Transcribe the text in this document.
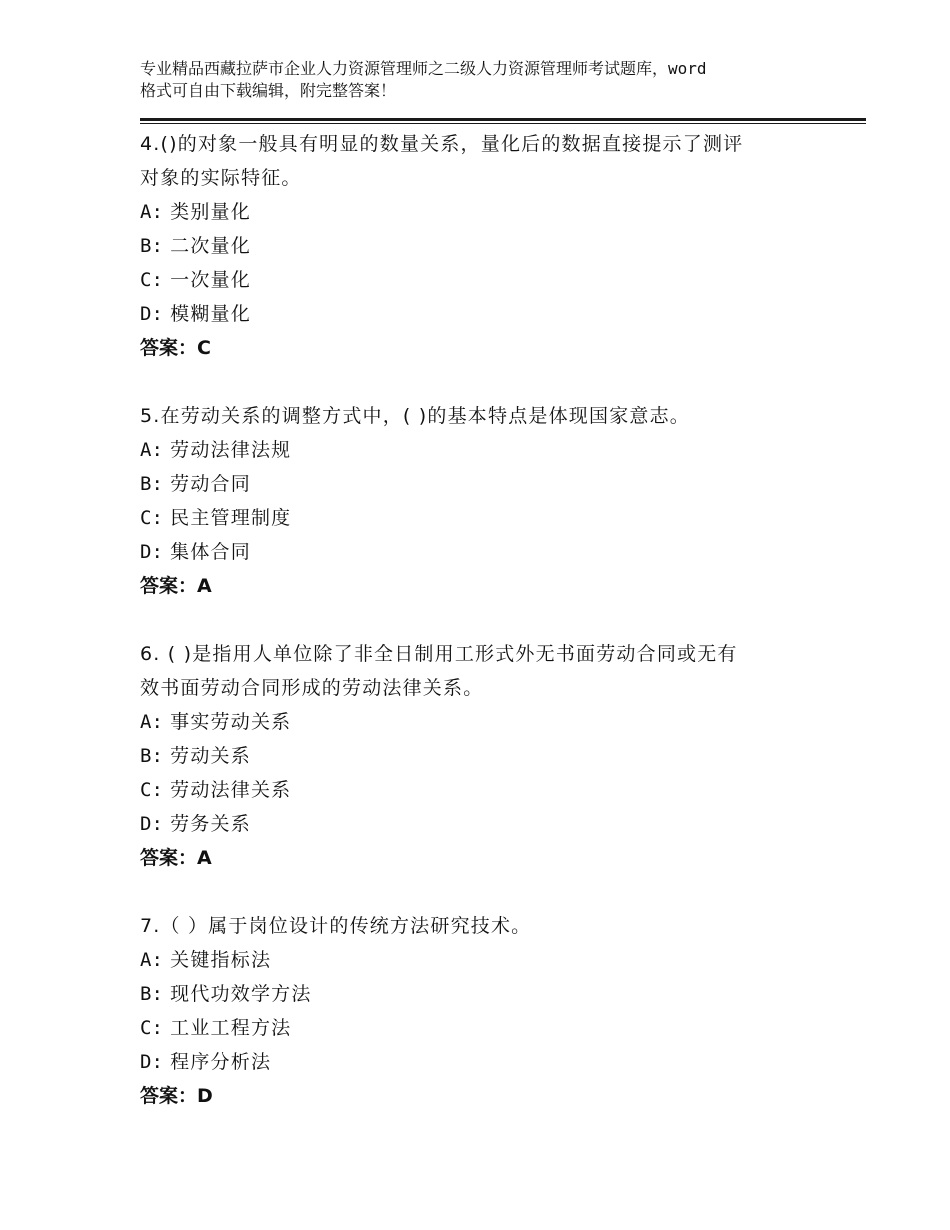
专业精品西藏拉萨市企业人力资源管理师之二级人力资源管理师考试题库，word
格式可自由下载编辑，附完整答案！
4.()的对象一般具有明显的数量关系，量化后的数据直接提示了测评
对象的实际特征。
A: 类别量化
B: 二次量化
C: 一次量化
D: 模糊量化
答案：C
5.在劳动关系的调整方式中，( )的基本特点是体现国家意志。
A: 劳动法律法规
B: 劳动合同
C: 民主管理制度
D: 集体合同
答案：A
6. ( )是指用人单位除了非全日制用工形式外无书面劳动合同或无有
效书面劳动合同形成的劳动法律关系。
A: 事实劳动关系
B: 劳动关系
C: 劳动法律关系
D: 劳务关系
答案：A
7.（ ）属于岗位设计的传统方法研究技术。
A: 关键指标法
B: 现代功效学方法
C: 工业工程方法
D: 程序分析法
答案：D
